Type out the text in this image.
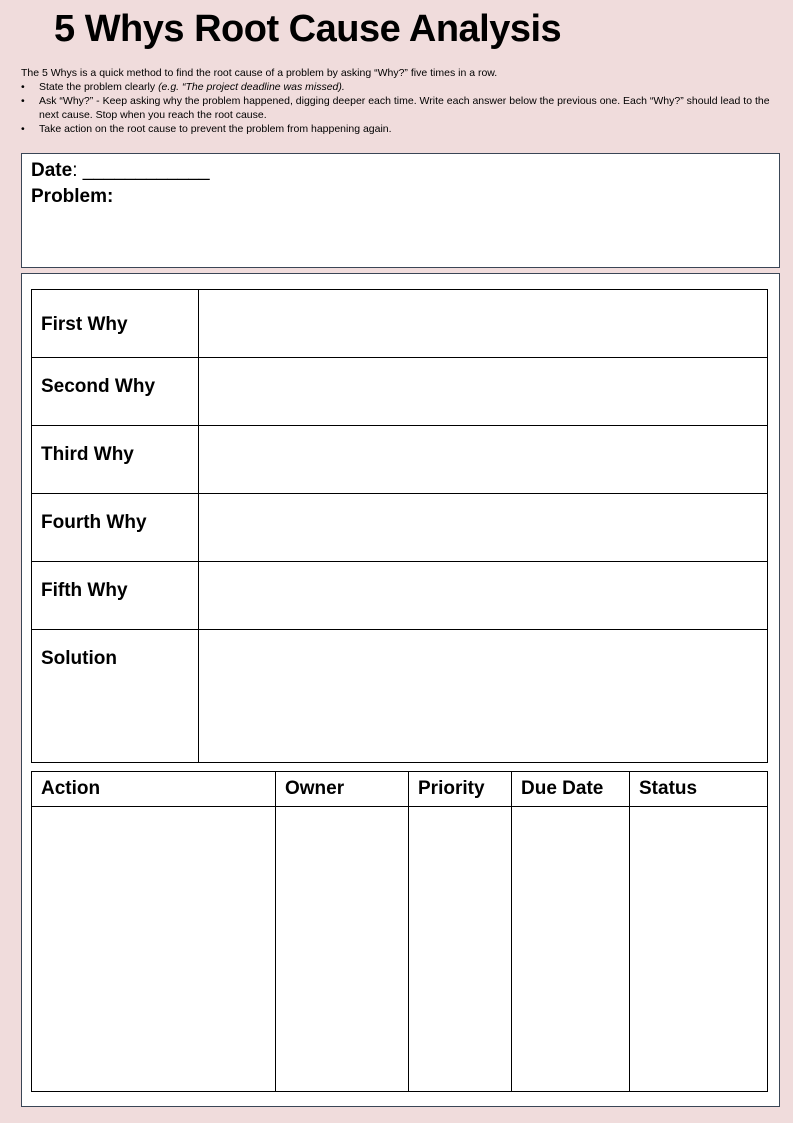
5 Whys Root Cause Analysis
The 5 Whys is a quick method to find the root cause of a problem by asking “Why?” five times in a row.
• State the problem clearly (e.g. “The project deadline was missed).
• Ask “Why?” - Keep asking why the problem happened, digging deeper each time. Write each answer below the previous one. Each “Why?” should lead to the next cause. Stop when you reach the root cause.
• Take action on the root cause to prevent the problem from happening again.
Date: ____________
Problem:
First Why	
Second Why	
Third Why	
Fourth Why	
Fifth Why	
Solution	
Action	Owner	Priority	Due Date	Status
